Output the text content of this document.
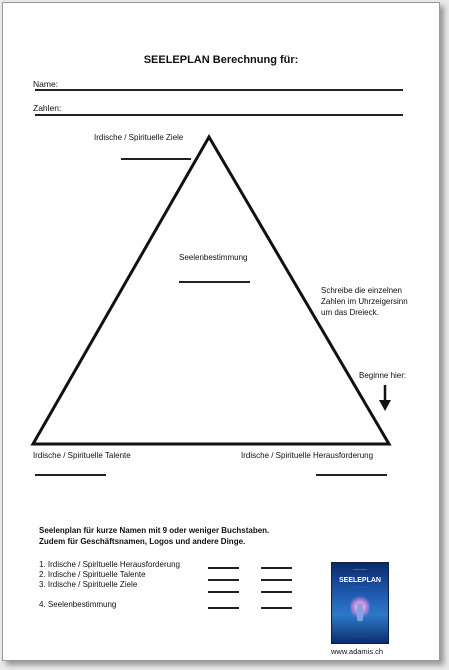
SEELEPLAN Berechnung für:
Name:
Zahlen:
Irdische / Spirituelle Ziele
Seelenbestimmung
Schreibe die einzelnen
Zahlen im Uhrzeigersinn
um das Dreieck.
Beginne hier:
Irdische / Spirituelle Talente	Irdische / Spirituelle Herausforderung
Seelenplan für kurze Namen mit 9 oder weniger Buchstaben.
Zudem für Geschäftsnamen, Logos und andere Dinge.
1. Irdische / Spirituelle Herausforderung
2. Irdische / Spirituelle Talente
3. Irdische / Spirituelle Ziele
4. Seelenbestimmung
~~~~~~~~
SEELEPLAN
· · · · · · · · · · ·
· · · · · · · ·
www.adamis.ch
